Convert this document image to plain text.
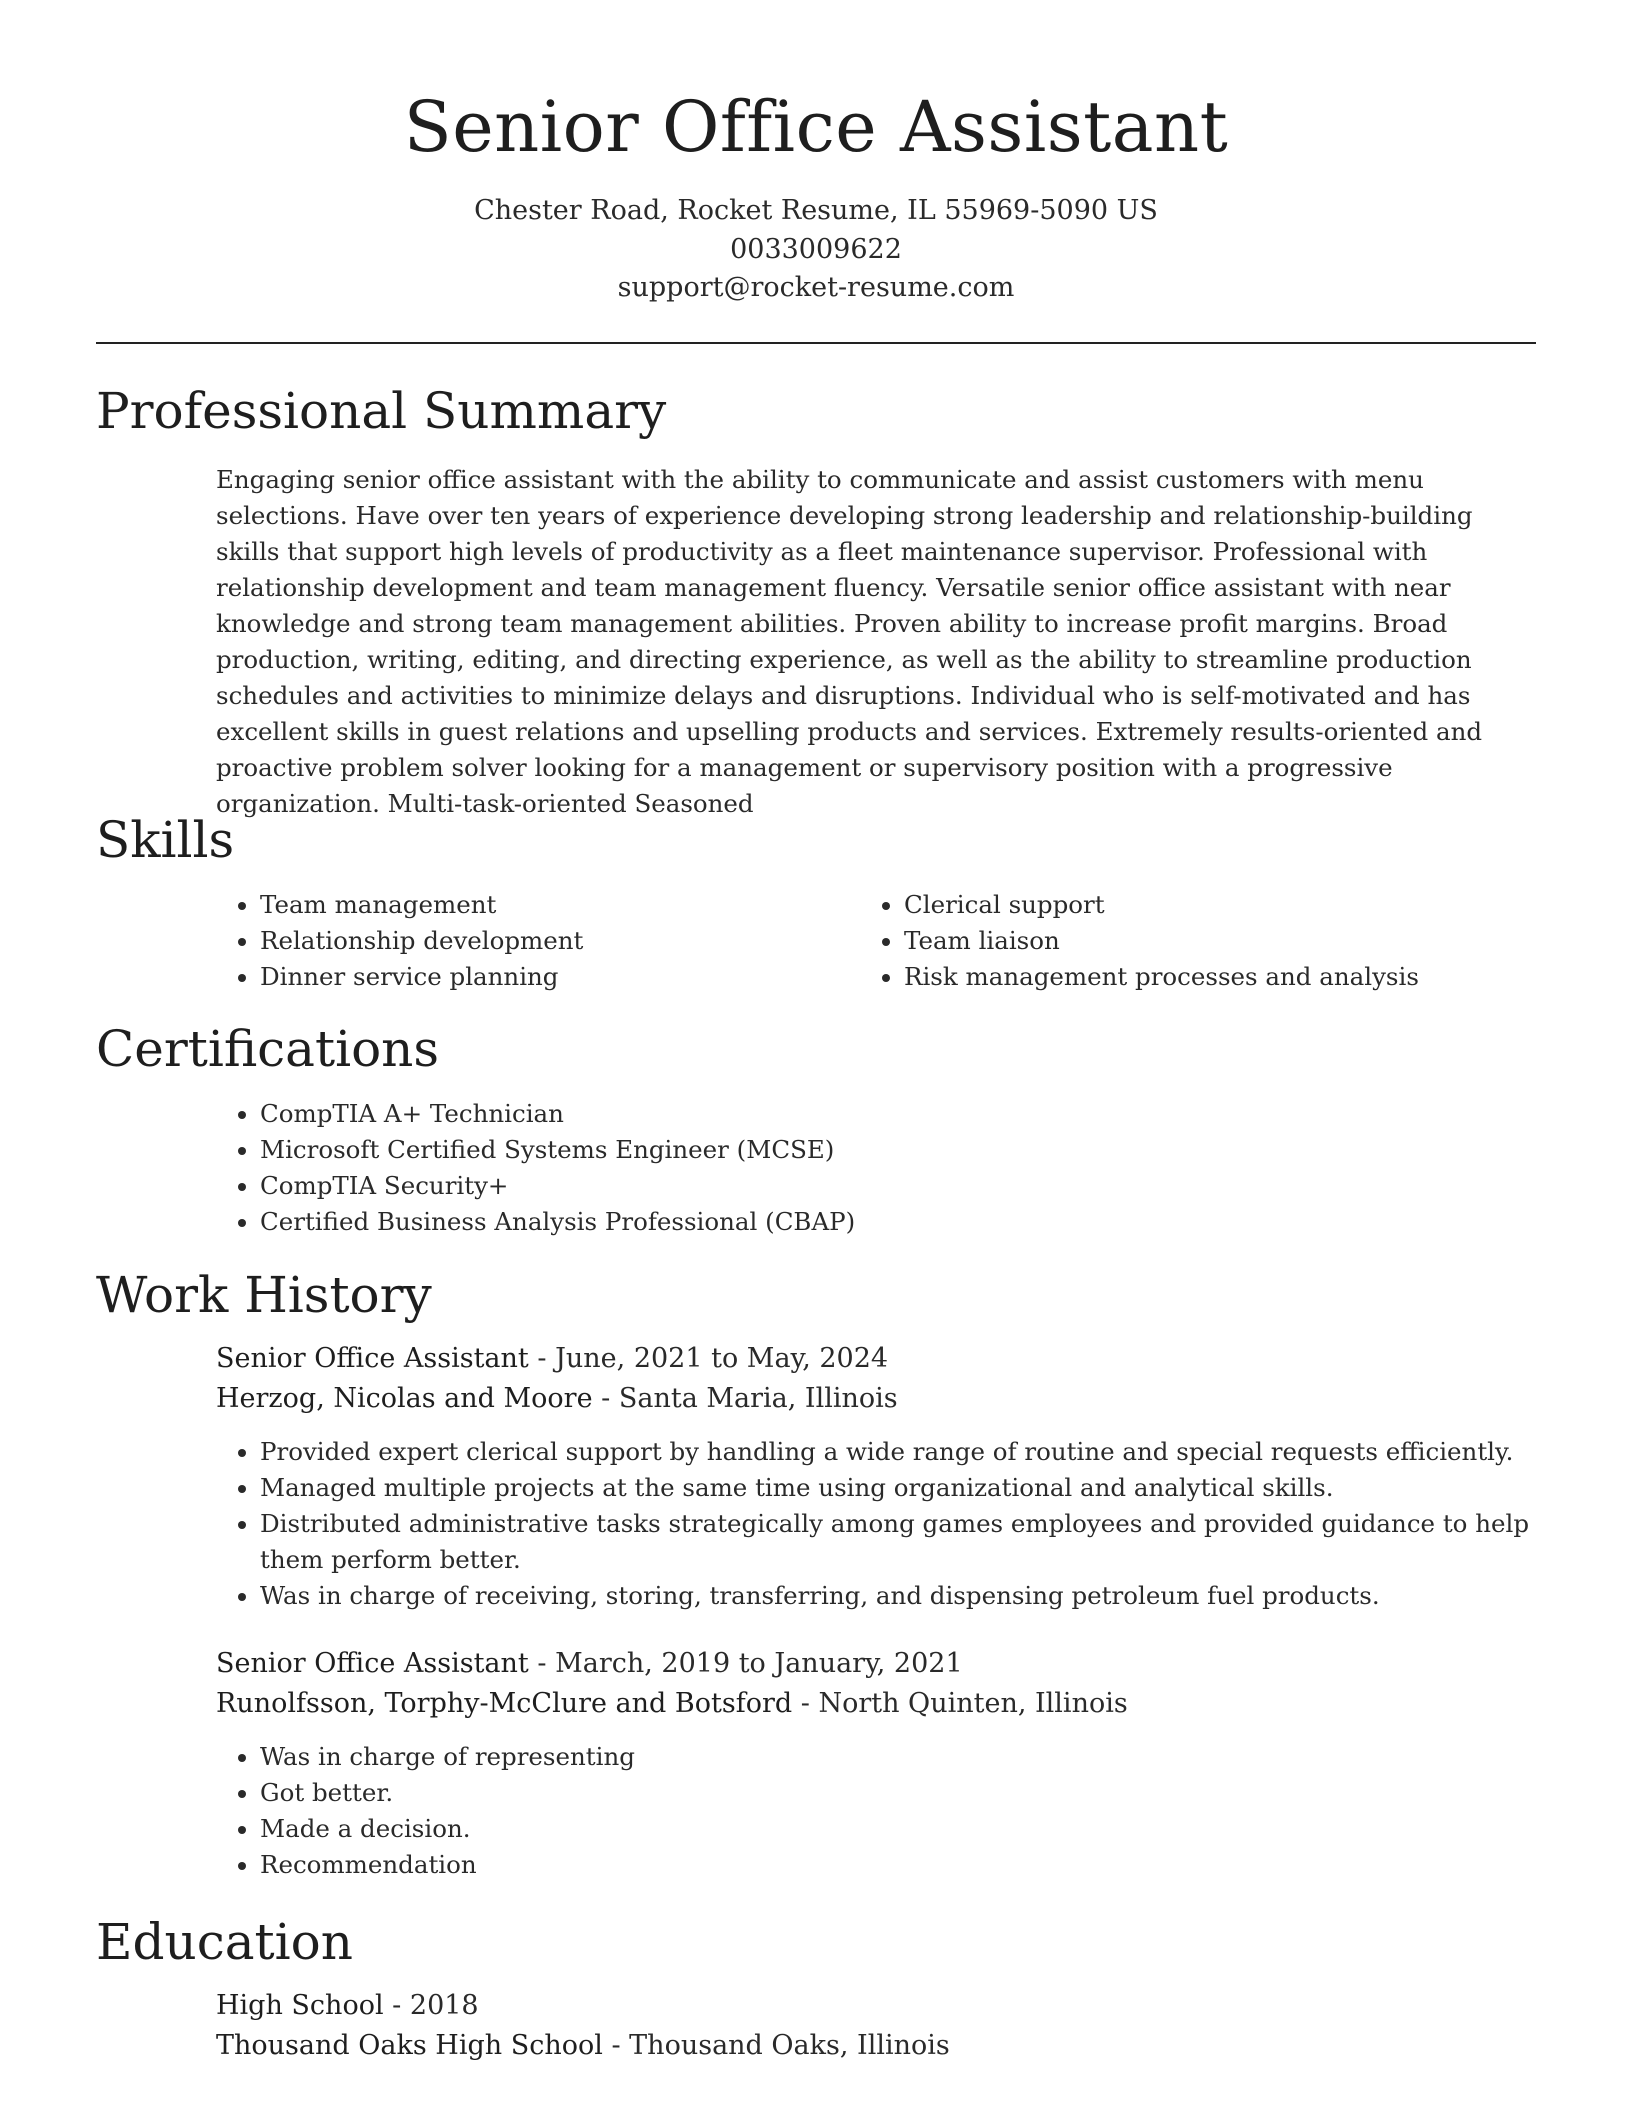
Senior Office Assistant
Chester Road, Rocket Resume, IL 55969-5090 US
0033009622
support@rocket-resume.com
Professional Summary

Engaging senior office assistant with the ability to communicate and assist customers with menu selections. Have over ten years of experience developing strong leadership and relationship-building skills that support high levels of productivity as a fleet maintenance supervisor. Professional with relationship development and team management fluency. Versatile senior office assistant with near knowledge and strong team management abilities. Proven ability to increase profit margins. Broad production, writing, editing, and directing experience, as well as the ability to streamline production schedules and activities to minimize delays and disruptions. Individual who is self-motivated and has excellent skills in guest relations and upselling products and services. Extremely results-oriented and proactive problem solver looking for a management or supervisory position with a progressive organization. Multi-task-oriented Seasoned

Skills
• Team management
• Relationship development
• Dinner service planning
• Clerical support
• Team liaison
• Risk management processes and analysis
Certifications
• CompTIA A+ Technician
• Microsoft Certified Systems Engineer (MCSE)
• CompTIA Security+
• Certified Business Analysis Professional (CBAP)
Work History
Senior Office Assistant - June, 2021 to May, 2024
Herzog, Nicolas and Moore - Santa Maria, Illinois
• Provided expert clerical support by handling a wide range of routine and special requests efficiently.
• Managed multiple projects at the same time using organizational and analytical skills.
• Distributed administrative tasks strategically among games employees and provided guidance to help them perform better.
• Was in charge of receiving, storing, transferring, and dispensing petroleum fuel products.
Senior Office Assistant - March, 2019 to January, 2021
Runolfsson, Torphy-McClure and Botsford - North Quinten, Illinois
• Was in charge of representing
• Got better.
• Made a decision.
• Recommendation
Education
High School - 2018
Thousand Oaks High School - Thousand Oaks, Illinois
